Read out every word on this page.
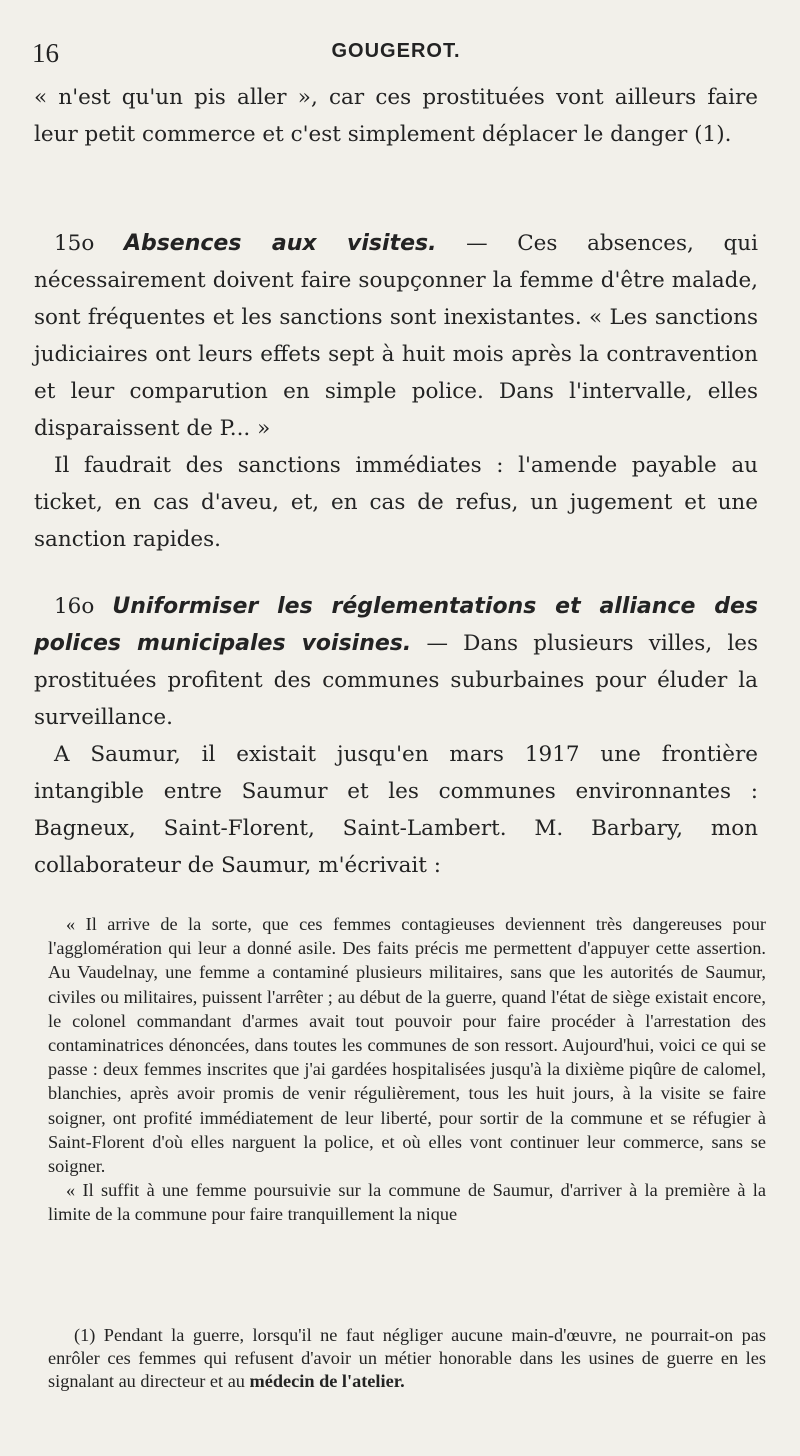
16	GOUGEROT.

« n'est qu'un pis aller », car ces prostituées vont ailleurs faire leur petit commerce et c'est simplement déplacer le danger (1).

15o Absences aux visites. — Ces absences, qui nécessairement doivent faire soupçonner la femme d'être malade, sont fréquentes et les sanctions sont inexistantes. « Les sanctions judiciaires ont leurs effets sept à huit mois après la contravention et leur comparution en simple police. Dans l'intervalle, elles disparaissent de P... »

Il faudrait des sanctions immédiates : l'amende payable au ticket, en cas d'aveu, et, en cas de refus, un jugement et une sanction rapides.

16o Uniformiser les réglementations et alliance des polices municipales voisines. — Dans plusieurs villes, les prostituées profitent des communes suburbaines pour éluder la surveillance.

A Saumur, il existait jusqu'en mars 1917 une frontière intangible entre Saumur et les communes environnantes : Bagneux, Saint-Florent, Saint-Lambert. M. Barbary, mon collaborateur de Saumur, m'écrivait :

« Il arrive de la sorte, que ces femmes contagieuses deviennent très dangereuses pour l'agglomération qui leur a donné asile. Des faits précis me permettent d'appuyer cette assertion. Au Vaudelnay, une femme a contaminé plusieurs militaires, sans que les autorités de Saumur, civiles ou militaires, puissent l'arrêter ; au début de la guerre, quand l'état de siège existait encore, le colonel commandant d'armes avait tout pouvoir pour faire procéder à l'arrestation des contaminatrices dénoncées, dans toutes les communes de son ressort. Aujourd'hui, voici ce qui se passe : deux femmes inscrites que j'ai gardées hospitalisées jusqu'à la dixième piqûre de calomel, blanchies, après avoir promis de venir régulièrement, tous les huit jours, à la visite se faire soigner, ont profité immédiatement de leur liberté, pour sortir de la commune et se réfugier à Saint-Florent d'où elles narguent la police, et où elles vont continuer leur commerce, sans se soigner.

« Il suffit à une femme poursuivie sur la commune de Saumur, d'arriver à la première à la limite de la commune pour faire tranquillement la nique

(1) Pendant la guerre, lorsqu'il ne faut négliger aucune main-d'œuvre, ne pourrait-on pas enrôler ces femmes qui refusent d'avoir un métier honorable dans les usines de guerre en les signalant au directeur et au médecin de l'atelier.
